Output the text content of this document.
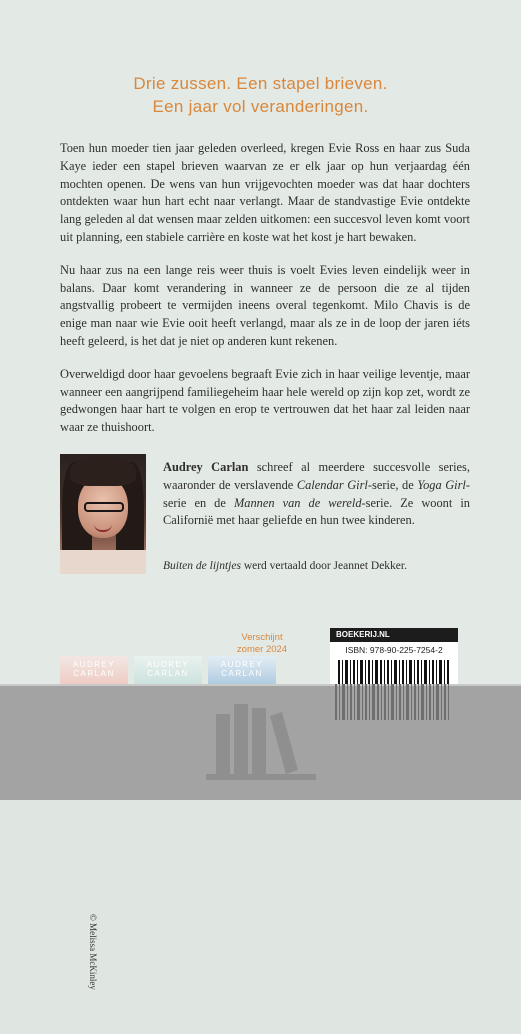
Drie zussen. Een stapel brieven.
Een jaar vol veranderingen.

Toen hun moeder tien jaar geleden overleed, kregen Evie Ross en haar zus Suda Kaye ieder een stapel brieven waarvan ze er elk jaar op hun verjaardag één mochten openen. De wens van hun vrijgevochten moeder was dat haar dochters ontdekten waar hun hart echt naar verlangt. Maar de standvastige Evie ontdekte lang geleden al dat wensen maar zelden uitkomen: een succesvol leven komt voort uit planning, een stabiele carrière en koste wat het kost je hart bewaken.

Nu haar zus na een lange reis weer thuis is voelt Evies leven eindelijk weer in balans. Daar komt verandering in wanneer ze de persoon die ze al tijden angstvallig probeert te vermijden ineens overal tegenkomt. Milo Chavis is de enige man naar wie Evie ooit heeft verlangd, maar als ze in de loop der jaren iéts heeft geleerd, is het dat je niet op anderen kunt rekenen.

Overweldigd door haar gevoelens begraaft Evie zich in haar veilige leventje, maar wanneer een aangrijpend familiegeheim haar hele wereld op zijn kop zet, wordt ze gedwongen haar hart te volgen en erop te vertrouwen dat het haar zal leiden naar waar ze thuishoort.

© Melissa McKinley
Audrey Carlan schreef al meerdere succesvolle series, waaronder de verslavende Calendar Girl-serie, de Yoga Girl-serie en de Mannen van de wereld-serie. Ze woont in Californië met haar geliefde en hun twee kinderen.
Buiten de lijntjes werd vertaald door Jeannet Dekker.
Verschijnt
zomer 2024
AUDREY
CARLAN
AUDREY
CARLAN
AUDREY
CARLAN
BOEKERIJ.NL
ISBN: 978-90-225-7254-2
